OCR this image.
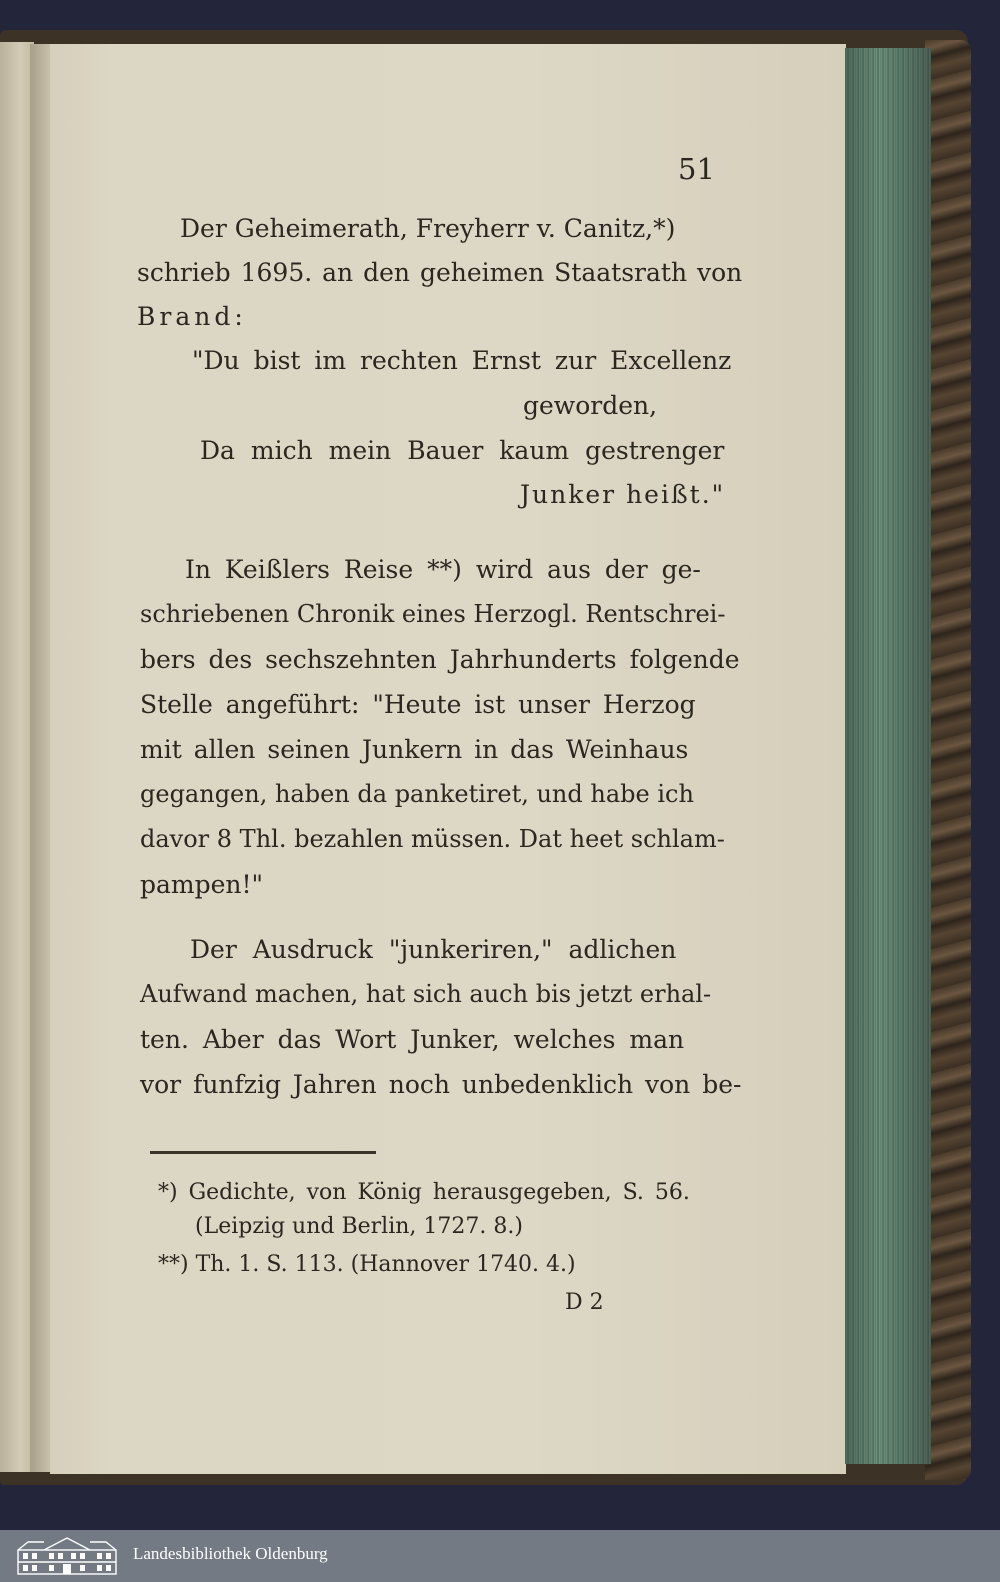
51
Der Geheimerath, Freyherr v. Canitz,*)
schrieb 1695. an den geheimen Staatsrath von
Brand:
"Du bist im rechten Ernst zur Excellenz
geworden,
Da mich mein Bauer kaum gestrenger
Junker heißt."
In Keißlers Reise **) wird aus der ge-
schriebenen Chronik eines Herzogl. Rentschrei-
bers des sechszehnten Jahrhunderts folgende
Stelle angeführt: "Heute ist unser Herzog
mit allen seinen Junkern in das Weinhaus
gegangen, haben da panketiret, und habe ich
davor 8 Thl. bezahlen müssen. Dat heet schlam-
pampen!"
Der Ausdruck "junkeriren," adlichen
Aufwand machen, hat sich auch bis jetzt erhal-
ten. Aber das Wort Junker, welches man
vor funfzig Jahren noch unbedenklich von be-
*) Gedichte, von König herausgegeben, S. 56.
(Leipzig und Berlin, 1727. 8.)
**) Th. 1. S. 113. (Hannover 1740. 4.)
D 2
Landesbibliothek Oldenburg
